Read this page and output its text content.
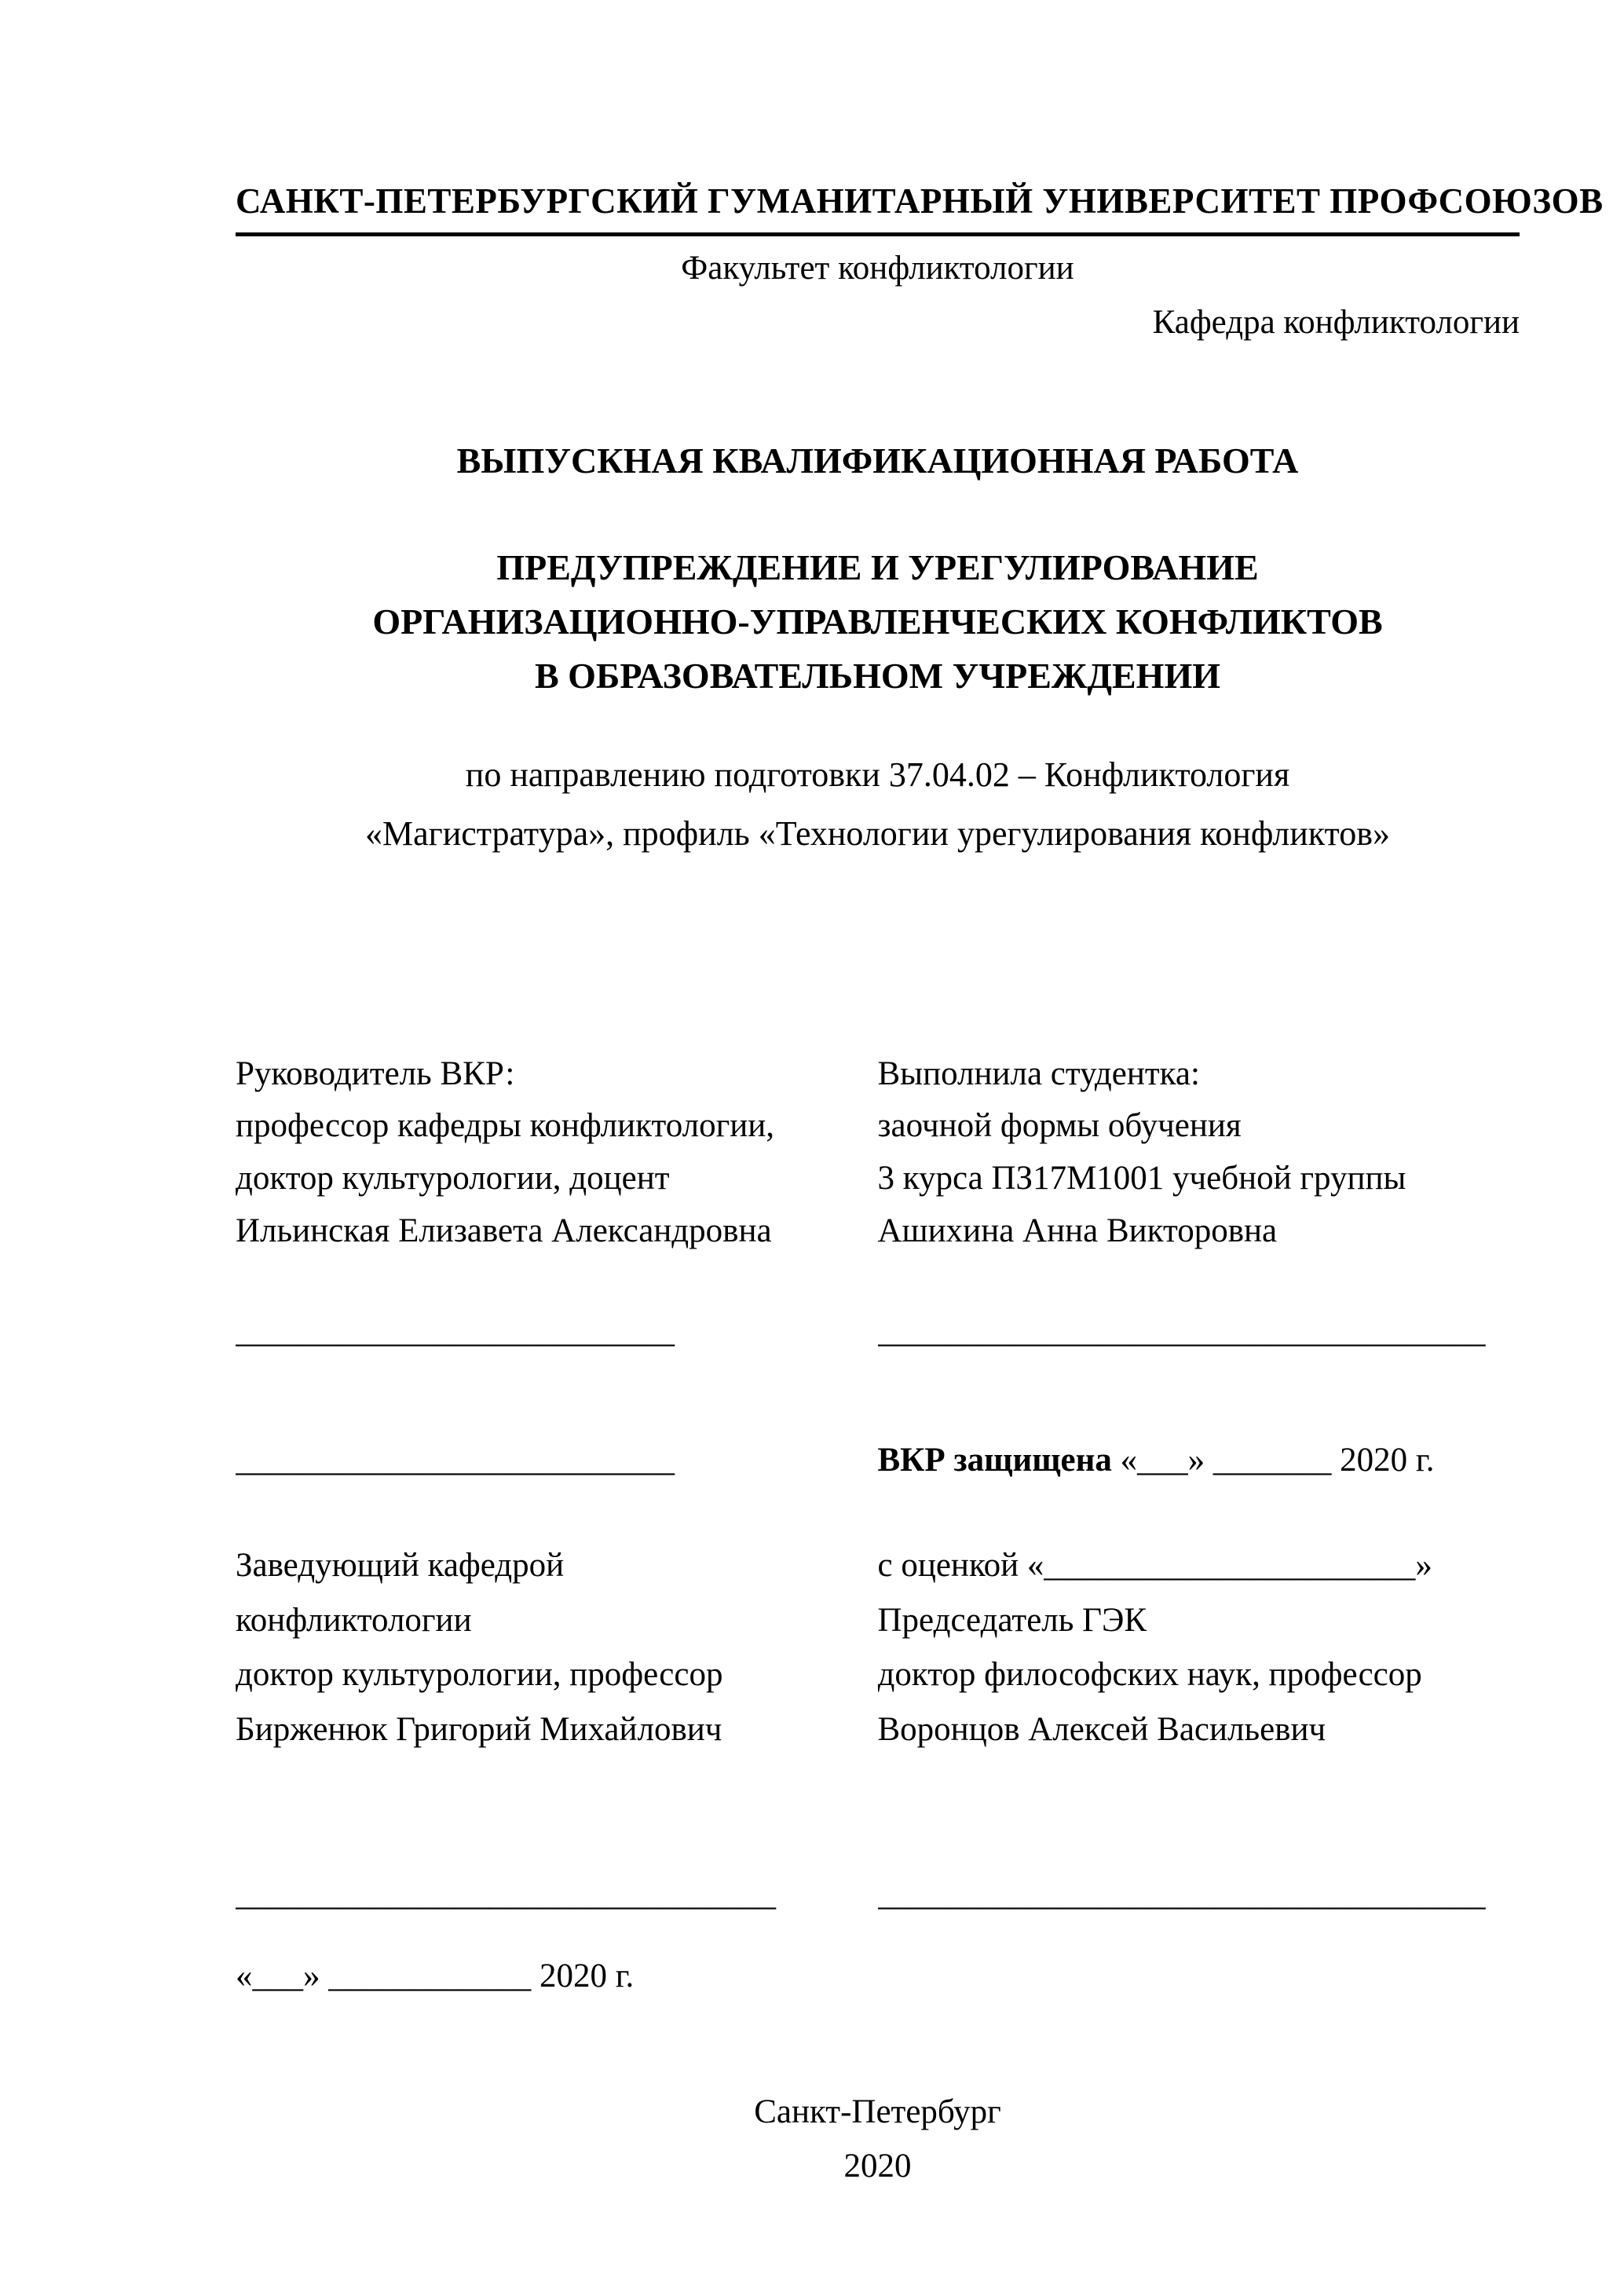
САНКТ-ПЕТЕРБУРГСКИЙ ГУМАНИТАРНЫЙ УНИВЕРСИТЕТ ПРОФСОЮЗОВ
Факультет конфликтологии
Кафедра конфликтологии
ВЫПУСКНАЯ КВАЛИФИКАЦИОННАЯ РАБОТА
ПРЕДУПРЕЖДЕНИЕ И УРЕГУЛИРОВАНИЕ
ОРГАНИЗАЦИОННО-УПРАВЛЕНЧЕСКИХ КОНФЛИКТОВ
В ОБРАЗОВАТЕЛЬНОМ УЧРЕЖДЕНИИ
по направлению подготовки 37.04.02 – Конфликтология
«Магистратура», профиль «Технологии урегулирования конфликтов»
Руководитель ВКР:
профессор кафедры конфликтологии,
доктор культурологии, доцент
Ильинская Елизавета Александровна
Выполнила студентка:
заочной формы обучения
3 курса ПЗ17М1001 учебной группы
Ашихина Анна Викторовна
__________________________	____________________________________
__________________________	ВКР защищена «___» _______ 2020 г.
Заведующий кафедрой
конфликтологии
доктор культурологии, профессор
Бирженюк Григорий Михайлович
с оценкой «______________________»
Председатель ГЭК
доктор философских наук, профессор
Воронцов Алексей Васильевич
________________________________	____________________________________
«___» ____________ 2020 г.
Санкт-Петербург
2020
